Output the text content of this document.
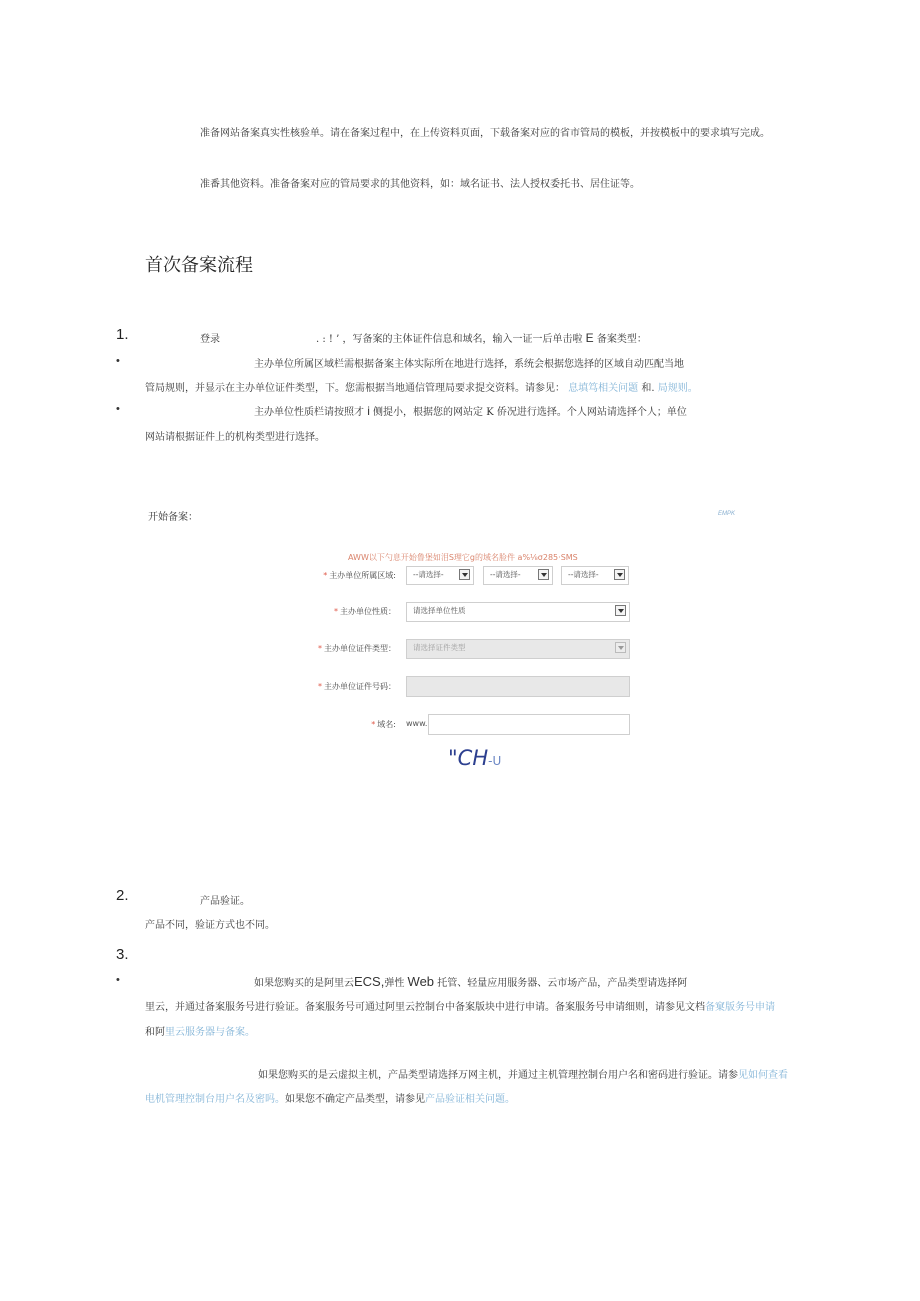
准备网站备案真实性核验单。请在备案过程中，在上传资料页面，下载备案对应的省市管局的模板，并按模板中的要求填写完成。
准番其他资料。准备备案对应的管局要求的其他资料，如：域名证书、法人授权委托书、居住证等。
首次备案流程
1.	登录	. : ! ’ ，写备案的主体证件信息和域名，输入一证一后单击啦 E 备案类型：
•	主办单位所属区域栏需根据备案主体实际所在地进行选择，系统会根据您选择的区域自动匹配当地
管局规则，并显示在主办单位证件类型，下。您需根据当地通信管理局要求提交资料。请参见： 息填笃相关问题 和. 局规则。
•	主办单位性质栏请按照才 i 侧提小，根据您的网站定 K 侨况进行选择。个人网站请选择个人；单位
网站请根据证件上的机构类型进行选择。
开始备案：	EMPK
AWW以下勺息开始鲁堡如泪S理它g的域名脸件 a%⅛σ285·SMS
* 主办单位所属区域:	--请选择-	--请选择-	--请选择-
* 主办单位性质：	请选择单位性质
* 主办单位证件类型：	请选择证件类型
* 主办单位证件号码：
* 域名: www.
"CH-U
2.	产品验证。
产品不同，验证方式也不同。
3.
•	如果您购买的是阿里云ECS,弹性 Web 托管、轻量应用服务器、云市场产品，产品类型请选择阿
里云，并通过备案服务号进行验证。备案服务号可通过阿里云控制台中备案版块中进行申请。备案服务号申请细则，请参见文档备窠版务号申请
和阿里云服务器与备案。
如果您购买的是云虚拟主机，产品类型请选择万网主机，并通过主机管理控制台用户名和密码进行验证。请参见如何查看
电机管理控制台用户名及密吗。如果您不确定产品类型，请参见产品验证相关问题。
